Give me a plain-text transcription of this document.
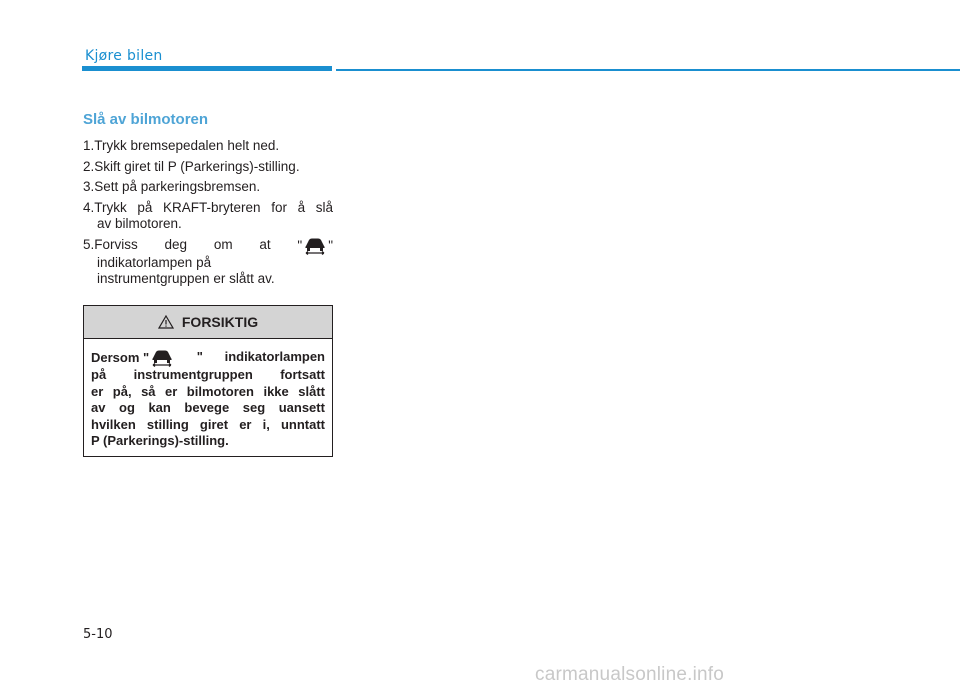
Kjøre bilen
Slå av bilmotoren
1.Trykk bremsepedalen helt ned.
2.Skift giret til P (Parkerings)-stilling.
3.Sett på parkeringsbremsen.
4.Trykk på KRAFT-bryteren for å slå
av bilmotoren.
5.Forviss deg om at " "
indikatorlampen på
instrumentgruppen er slått av.
FORSIKTIG
Dersom "	" indikatorlampen
på instrumentgruppen fortsatt
er på, så er bilmotoren ikke slått
av og kan bevege seg uansett
hvilken stilling giret er i, unntatt
P (Parkerings)-stilling.
5-10
carmanualsonline.info
